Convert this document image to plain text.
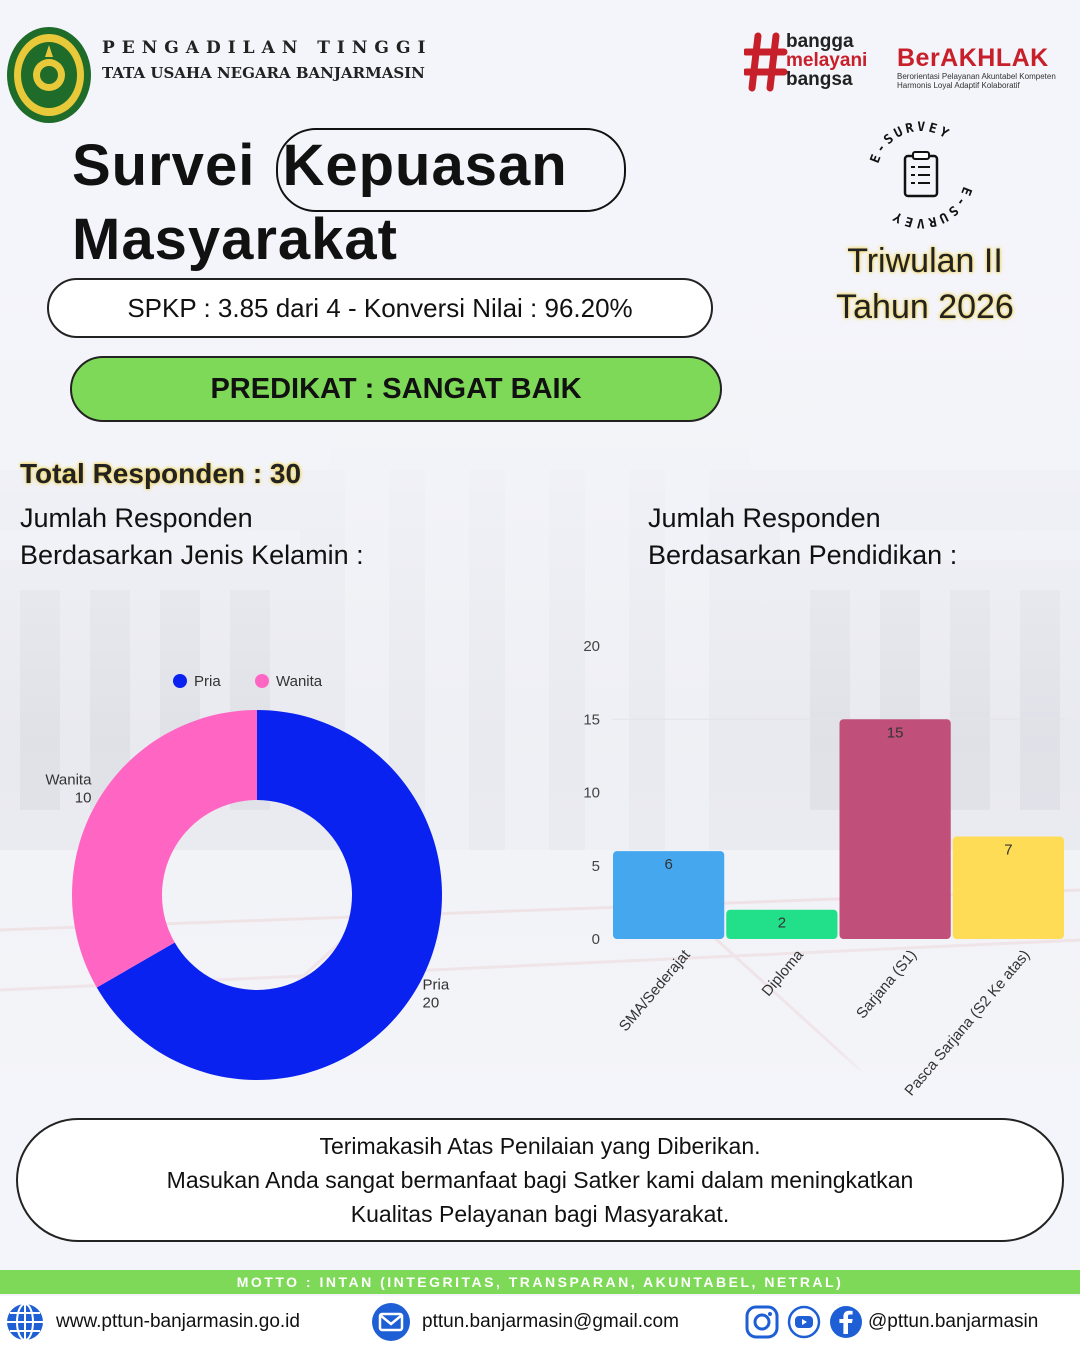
PENGADILAN TINGGI
TATA USAHA NEGARA BANJARMASIN
bangga
melayani
bangsa
BerAKHLAK
Berorientasi Pelayanan Akuntabel Kompeten
Harmonis Loyal Adaptif Kolaboratif
Survei Kepuasan
Masyarakat
E-SURVEY
E-SURVEY
Triwulan II
Tahun 2026
SPKP : 3.85 dari 4 - Konversi Nilai : 96.20%
PREDIKAT : SANGAT BAIK
Total Responden : 30
Jumlah Responden
Berdasarkan Jenis Kelamin :
Jumlah Responden
Berdasarkan Pendidikan :
Pria
20
Wanita
10
Pria	Wanita
0
5
10
15
20
6
SMA/Sederajat
2
Diploma
15
Sarjana (S1)
7
Pasca Sarjana (S2 Ke atas)
Terimakasih Atas Penilaian yang Diberikan.
Masukan Anda sangat bermanfaat bagi Satker kami dalam meningkatkan
Kualitas Pelayanan bagi Masyarakat.
MOTTO : INTAN (INTEGRITAS, TRANSPARAN, AKUNTABEL, NETRAL)
www.pttun-banjarmasin.go.id	pttun.banjarmasin@gmail.com	@pttun.banjarmasin
